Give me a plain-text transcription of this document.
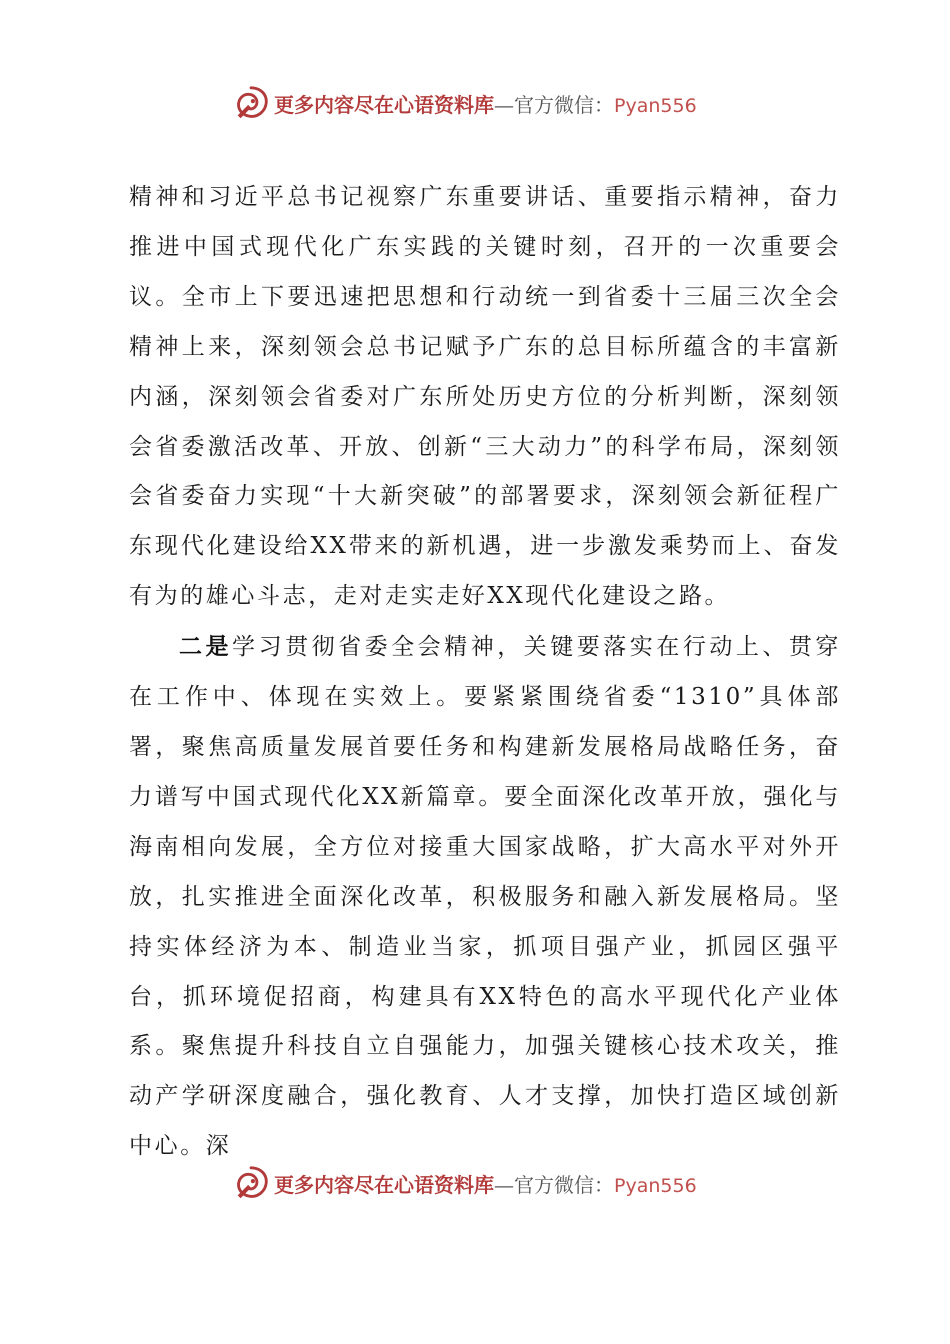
更多内容尽在心语资料库—官方微信：Pyan556

精神和习近平总书记视察广东重要讲话、重要指示精神，奋力推进中国式现代化广东实践的关键时刻，召开的一次重要会议。全市上下要迅速把思想和行动统一到省委十三届三次全会精神上来，深刻领会总书记赋予广东的总目标所蕴含的丰富新内涵，深刻领会省委对广东所处历史方位的分析判断，深刻领会省委激活改革、开放、创新“三大动力”的科学布局，深刻领会省委奋力实现“十大新突破”的部署要求，深刻领会新征程广东现代化建设给XX带来的新机遇，进一步激发乘势而上、奋发有为的雄心斗志，走对走实走好XX现代化建设之路。

二是学习贯彻省委全会精神，关键要落实在行动上、贯穿在工作中、体现在实效上。要紧紧围绕省委“1310”具体部署，聚焦高质量发展首要任务和构建新发展格局战略任务，奋力谱写中国式现代化XX新篇章。要全面深化改革开放，强化与海南相向发展，全方位对接重大国家战略，扩大高水平对外开放，扎实推进全面深化改革，积极服务和融入新发展格局。坚持实体经济为本、制造业当家，抓项目强产业，抓园区强平台，抓环境促招商，构建具有XX特色的高水平现代化产业体系。聚焦提升科技自立自强能力，加强关键核心技术攻关，推动产学研深度融合，强化教育、人才支撑，加快打造区域创新中心。深

更多内容尽在心语资料库—官方微信：Pyan556
